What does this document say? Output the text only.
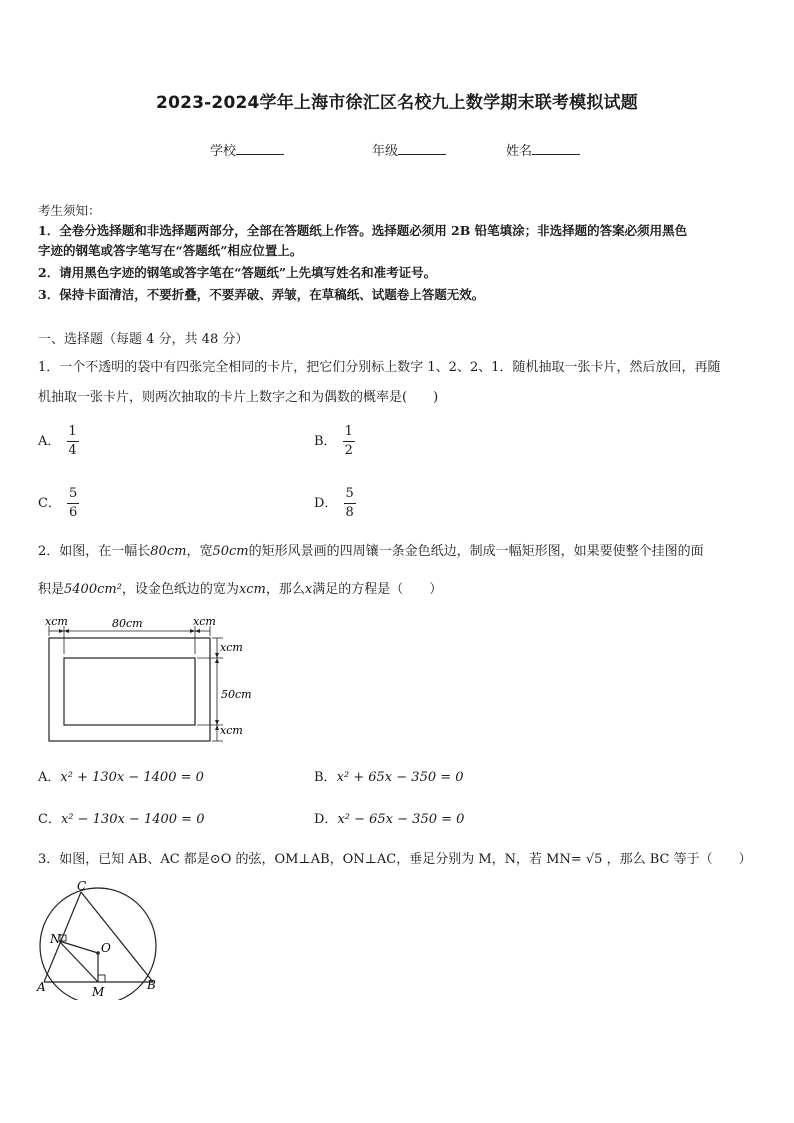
2023-2024学年上海市徐汇区名校九上数学期末联考模拟试题
学校	年级	姓名
考生须知：
1．全卷分选择题和非选择题两部分，全部在答题纸上作答。选择题必须用 2B 铅笔填涂；非选择题的答案必须用黑色
字迹的钢笔或答字笔写在“答题纸”相应位置上。
2．请用黑色字迹的钢笔或答字笔在“答题纸”上先填写姓名和准考证号。
3．保持卡面清洁，不要折叠，不要弄破、弄皱，在草稿纸、试题卷上答题无效。
一、选择题（每题 4 分，共 48 分）
1．一个不透明的袋中有四张完全相同的卡片，把它们分别标上数字 1、2、2、1．随机抽取一张卡片，然后放回，再随
机抽取一张卡片，则两次抽取的卡片上数字之和为偶数的概率是(　　)
A． $\frac{1}{4}$	B． $\frac{1}{2}$
C． $\frac{5}{6}$	D． $\frac{5}{8}$
2．如图，在一幅长80cm，宽50cm的矩形风景画的四周镶一条金色纸边，制成一幅矩形图，如果要使整个挂图的面
积是5400cm²，设金色纸边的宽为xcm，那么x满足的方程是（　　）
xcm	80cm	xcm
xcm
50cm
xcm
A．x² + 130x − 1400 = 0	B．x² + 65x − 350 = 0
C．x² − 130x − 1400 = 0	D．x² − 65x − 350 = 0
3．如图，已知 AB、AC 都是⊙O 的弦，OM⊥AB，ON⊥AC，垂足分别为 M，N，若 MN= √5 ，那么 BC 等于（　　）
C
N
O
A	M	B
